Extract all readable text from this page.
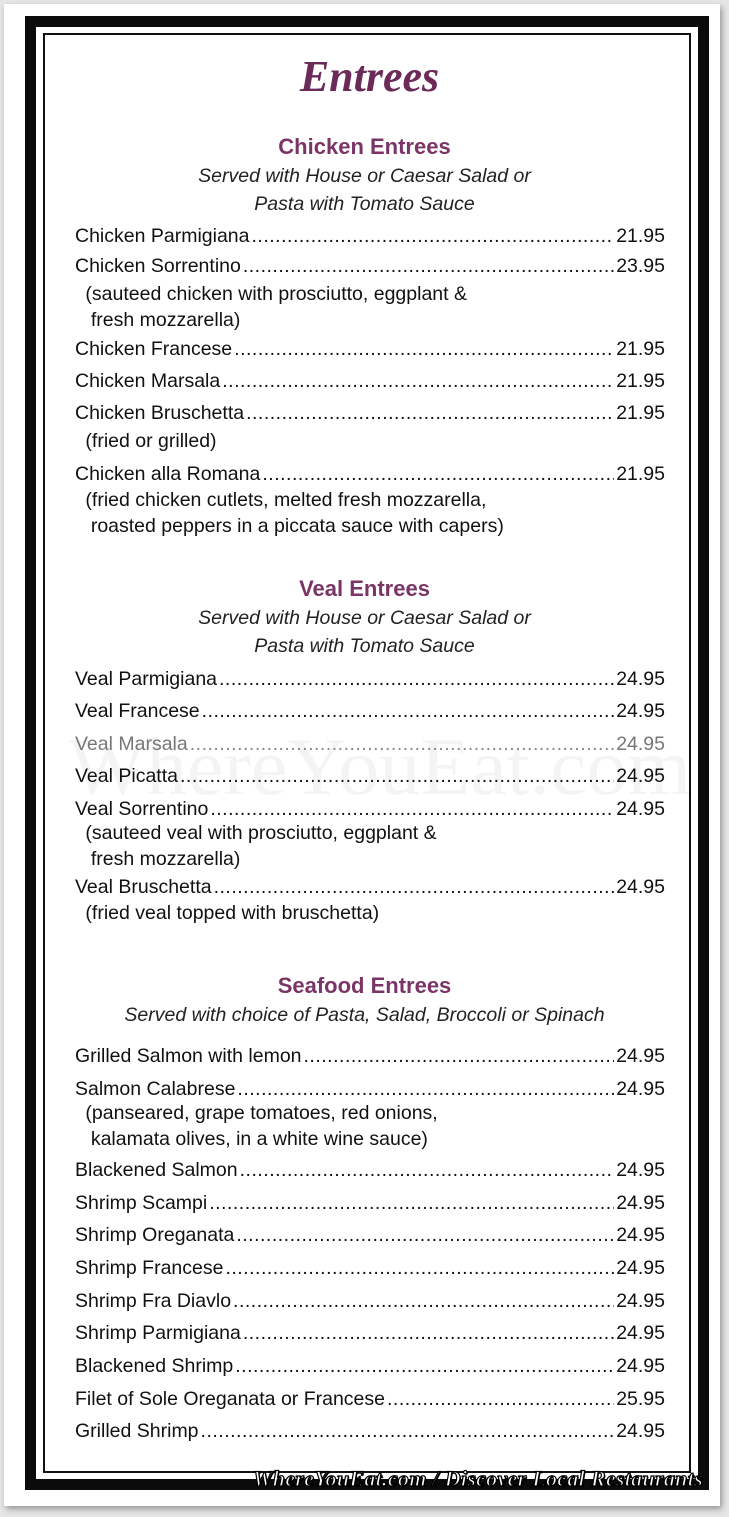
Entrees
Chicken Entrees

Served with House or Caesar Salad or

Pasta with Tomato Sauce

Chicken Parmigiana .....	21.95
Chicken Sorrentino .....	23.95
(sauteed chicken with prosciutto, eggplant &
fresh mozzarella)
Chicken Francese .....	21.95
Chicken Marsala .....	21.95
Chicken Bruschetta .....	21.95
(fried or grilled)
Chicken alla Romana .....	21.95
(fried chicken cutlets, melted fresh mozzarella,
roasted peppers in a piccata sauce with capers)
Veal Entrees

Served with House or Caesar Salad or

Pasta with Tomato Sauce

Veal Parmigiana .....	24.95
Veal Francese .....	24.95
Veal Marsala .....	24.95
Veal Picatta .....	24.95
Veal Sorrentino .....	24.95
(sauteed veal with prosciutto, eggplant &
fresh mozzarella)
Veal Bruschetta .....	24.95
(fried veal topped with bruschetta)
Seafood Entrees

Served with choice of Pasta, Salad, Broccoli or Spinach

Grilled Salmon with lemon .....	24.95
Salmon Calabrese .....	24.95
(panseared, grape tomatoes, red onions,
kalamata olives, in a white wine sauce)
Blackened Salmon .....	24.95
Shrimp Scampi .....	24.95
Shrimp Oreganata .....	24.95
Shrimp Francese .....	24.95
Shrimp Fra Diavlo .....	24.95
Shrimp Parmigiana .....	24.95
Blackened Shrimp .....	24.95
Filet of Sole Oreganata or Francese .....	25.95
Grilled Shrimp .....	24.95
WhereYouEat.com / Discover Local Restaurants
